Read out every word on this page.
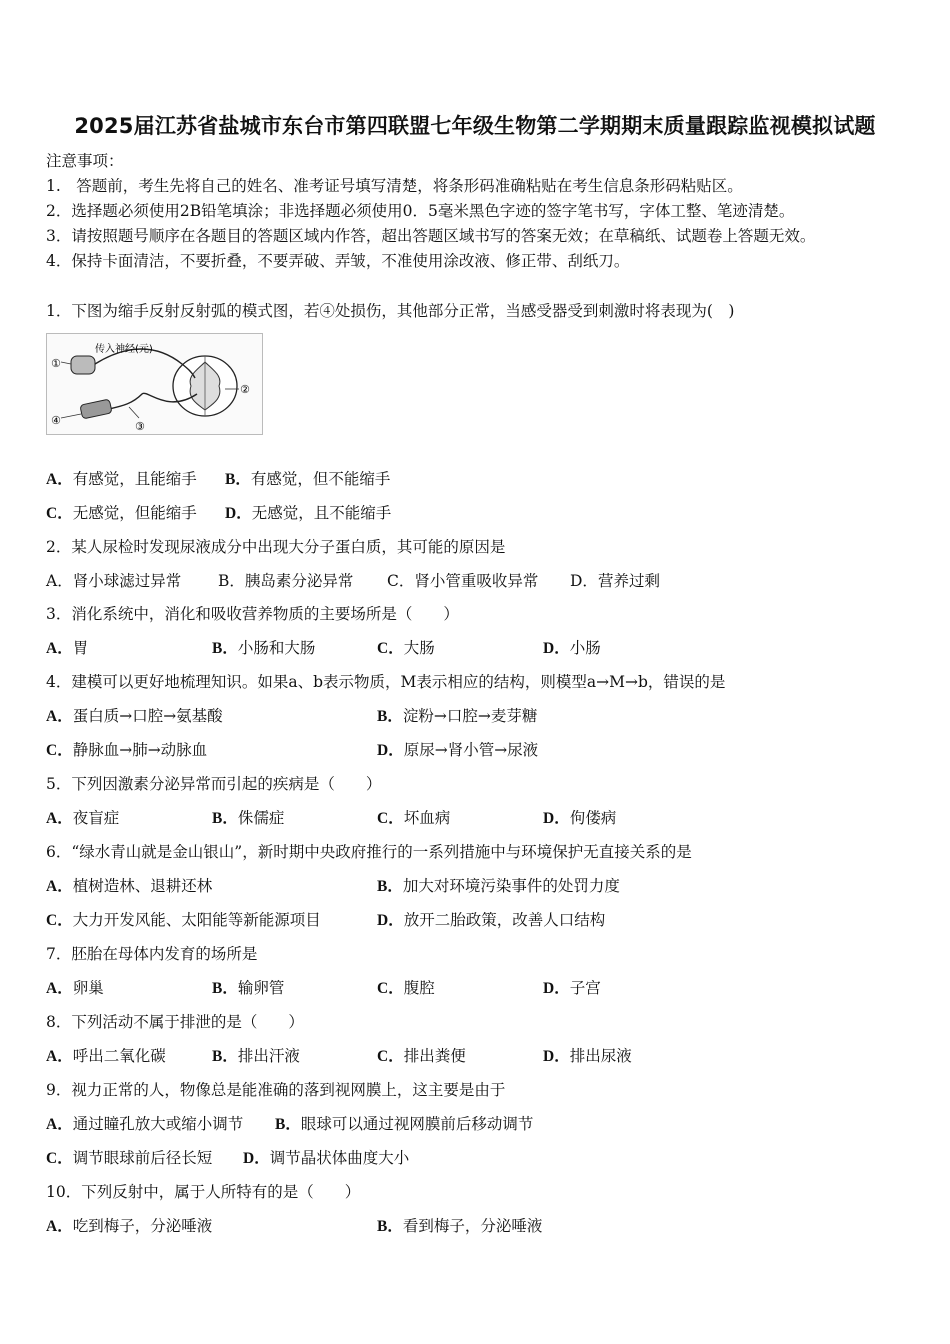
2025届江苏省盐城市东台市第四联盟七年级生物第二学期期末质量跟踪监视模拟试题
注意事项：
1.　答题前，考生先将自己的姓名、准考证号填写清楚，将条形码准确粘贴在考生信息条形码粘贴区。
2．选择题必须使用2B铅笔填涂；非选择题必须使用0．5毫米黑色字迹的签字笔书写，字体工整、笔迹清楚。
3．请按照题号顺序在各题目的答题区域内作答，超出答题区域书写的答案无效；在草稿纸、试题卷上答题无效。
4．保持卡面清洁，不要折叠，不要弄破、弄皱，不准使用涂改液、修正带、刮纸刀。
1．下图为缩手反射反射弧的模式图，若④处损伤，其他部分正常，当感受器受到刺激时将表现为(　)
传入神经(元)
①
②
③
④
A．有感觉，且能缩手 B．有感觉，但不能缩手
C．无感觉，但能缩手 D．无感觉，且不能缩手
2．某人尿检时发现尿液成分中出现大分子蛋白质，其可能的原因是
A．肾小球滤过异常 B．胰岛素分泌异常 C．肾小管重吸收异常 D．营养过剩
3．消化系统中，消化和吸收营养物质的主要场所是（　　）
A．胃	B．小肠和大肠	C．大肠	D．小肠
4．建模可以更好地梳理知识。如果a、b表示物质，M表示相应的结构，则模型a→M→b，错误的是
A．蛋白质→口腔→氨基酸	B．淀粉→口腔→麦芽糖
C．静脉血→肺→动脉血	D．原尿→肾小管→尿液
5．下列因激素分泌异常而引起的疾病是（　　）
A．夜盲症	B．侏儒症	C．坏血病	D．佝偻病
6．“绿水青山就是金山银山”，新时期中央政府推行的一系列措施中与环境保护无直接关系的是
A．植树造林、退耕还林	B．加大对环境污染事件的处罚力度
C．大力开发风能、太阳能等新能源项目	D．放开二胎政策，改善人口结构
7．胚胎在母体内发育的场所是
A．卵巢	B．输卵管	C．腹腔	D．子宫
8．下列活动不属于排泄的是（　　）
A．呼出二氧化碳	B．排出汗液	C．排出粪便	D．排出尿液
9．视力正常的人，物像总是能准确的落到视网膜上，这主要是由于
A．通过瞳孔放大或缩小调节 B．眼球可以通过视网膜前后移动调节
C．调节眼球前后径长短 D．调节晶状体曲度大小
10．下列反射中，属于人所特有的是（　　）
A．吃到梅子，分泌唾液	B．看到梅子，分泌唾液
